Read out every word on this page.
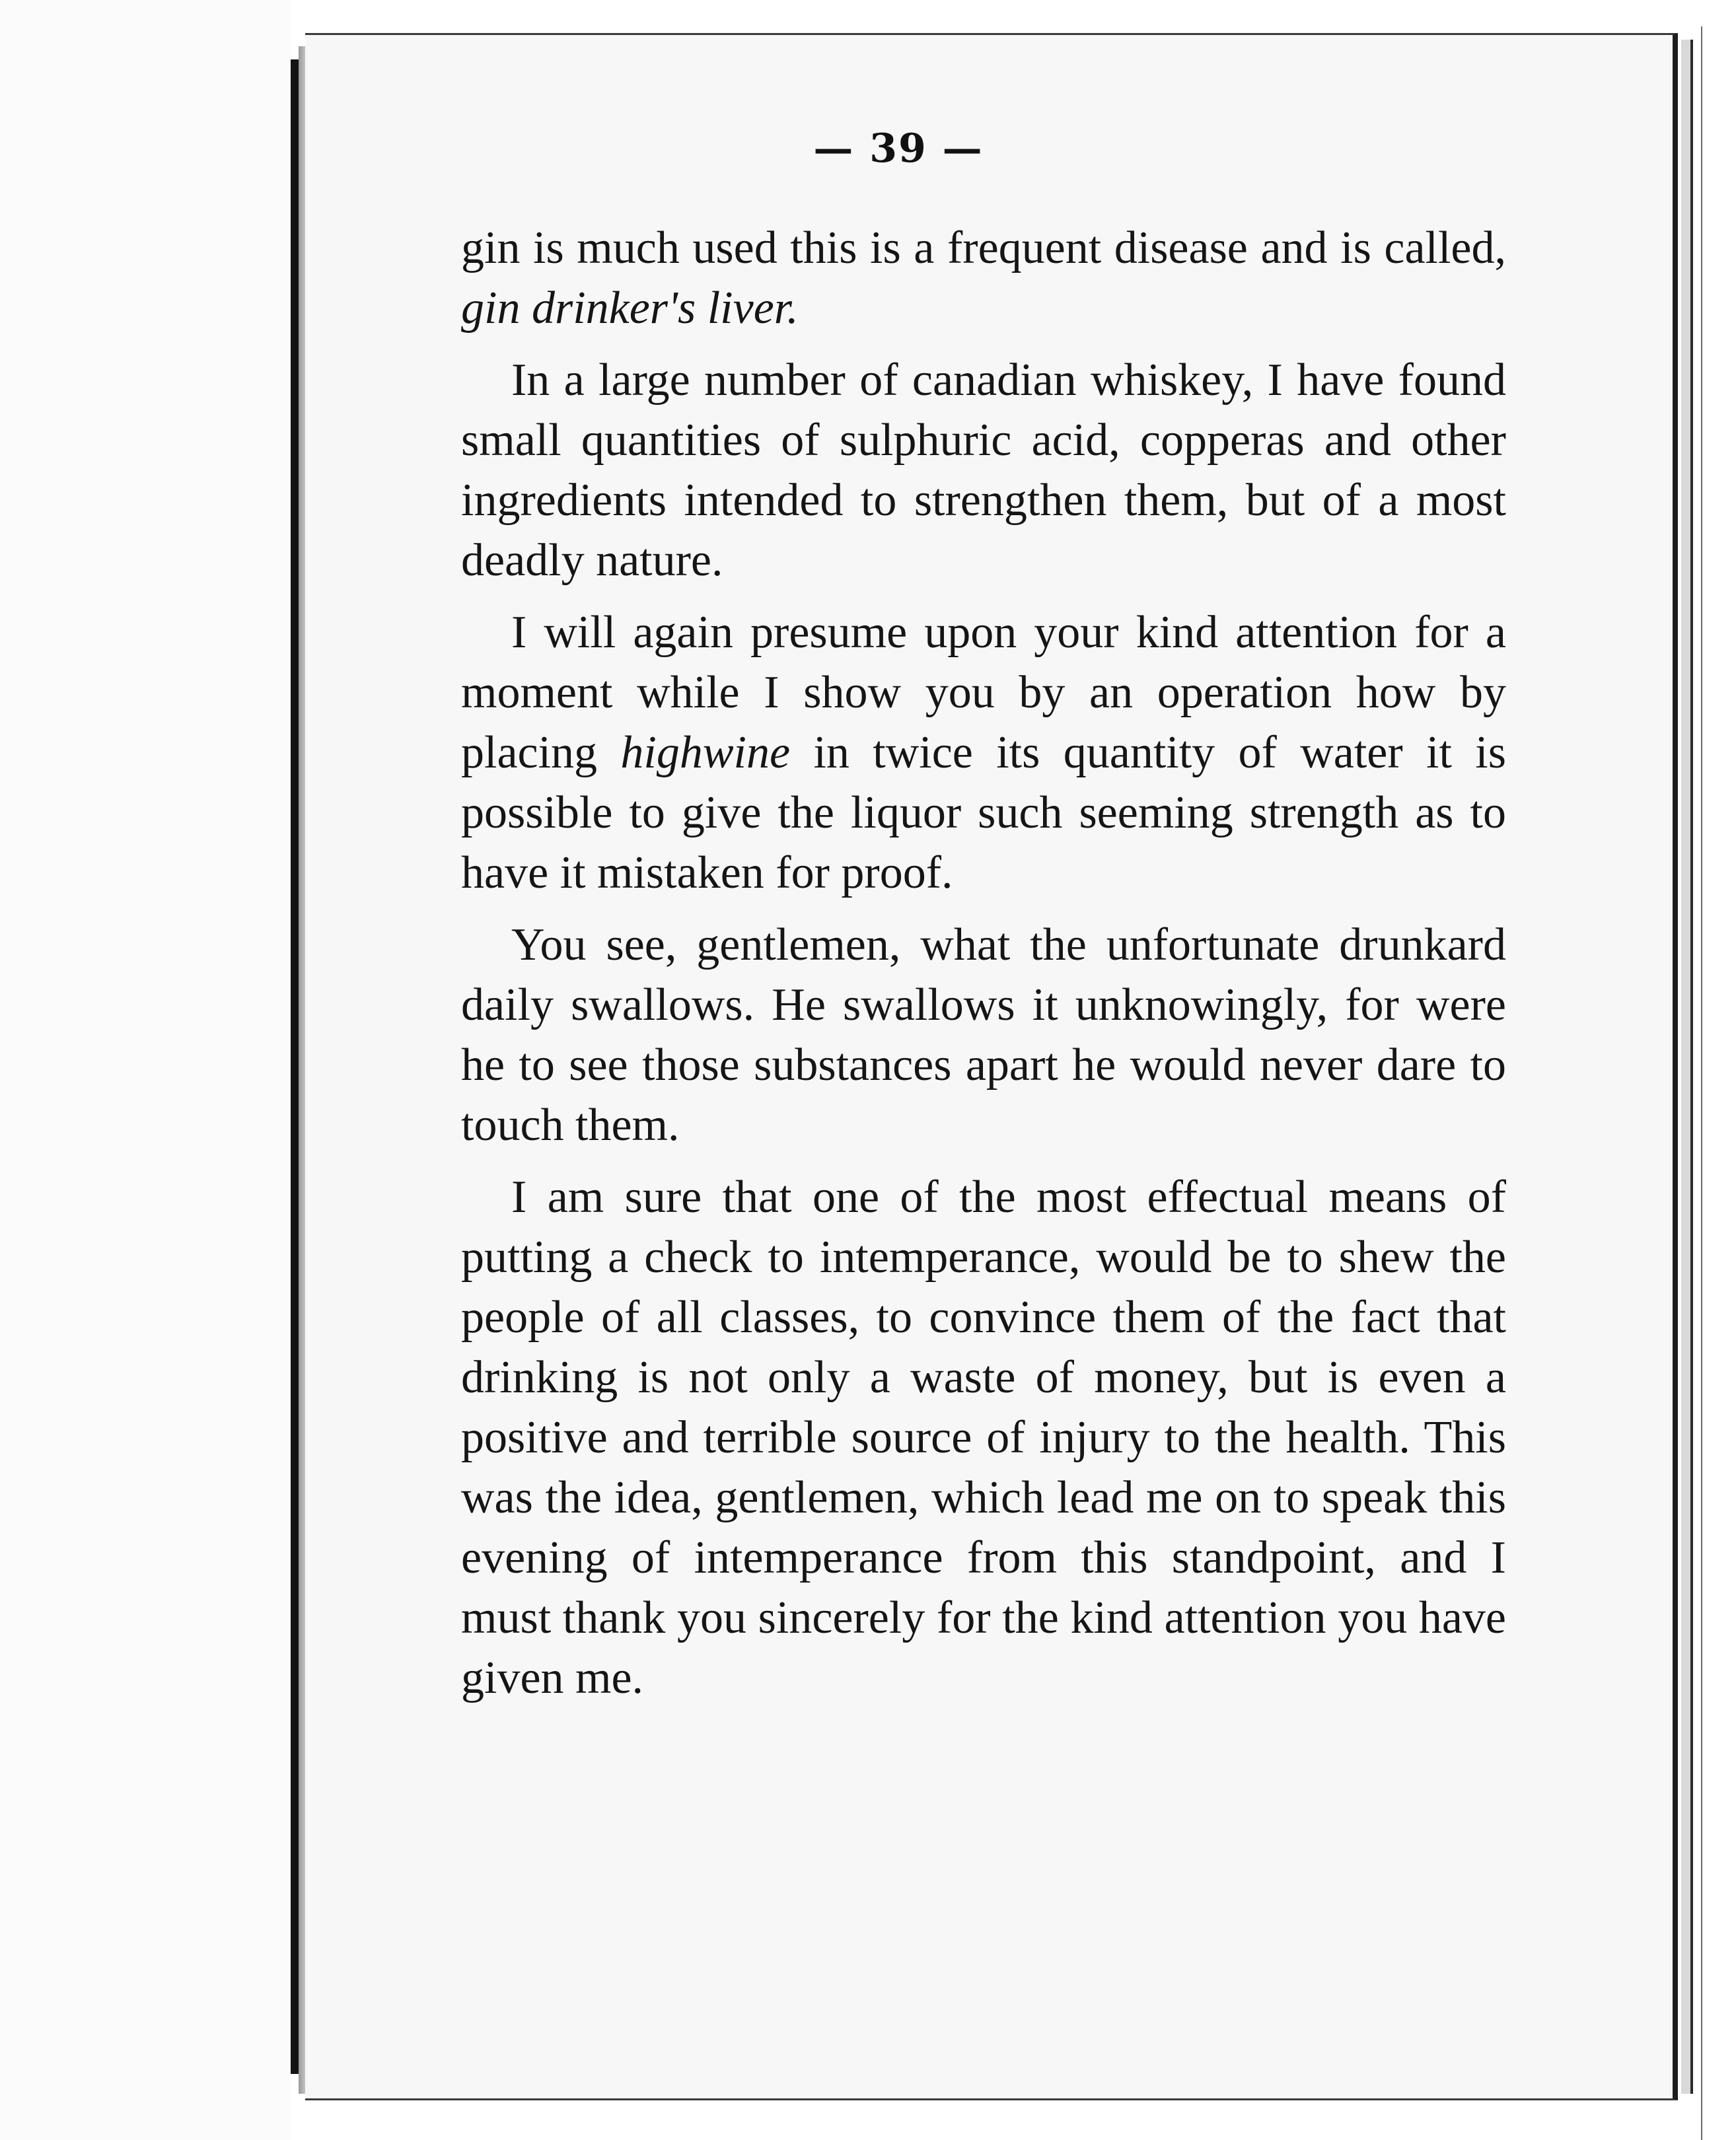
— 39 —

gin is much used this is a frequent disease and is called, gin drinker's liver.

In a large number of canadian whiskey, I have found small quantities of sulphuric acid, copperas and other ingredients intended to strengthen them, but of a most deadly nature.

I will again presume upon your kind attention for a moment while I show you by an operation how by placing highwine in twice its quantity of water it is possible to give the liquor such seeming strength as to have it mistaken for proof.

You see, gentlemen, what the unfortunate drunkard daily swallows. He swallows it unknowingly, for were he to see those substances apart he would never dare to touch them.

I am sure that one of the most effectual means of putting a check to intemperance, would be to shew the people of all classes, to convince them of the fact that drinking is not only a waste of money, but is even a positive and terrible source of injury to the health. This was the idea, gentlemen, which lead me on to speak this evening of intemperance from this standpoint, and I must thank you sincerely for the kind attention you have given me.
